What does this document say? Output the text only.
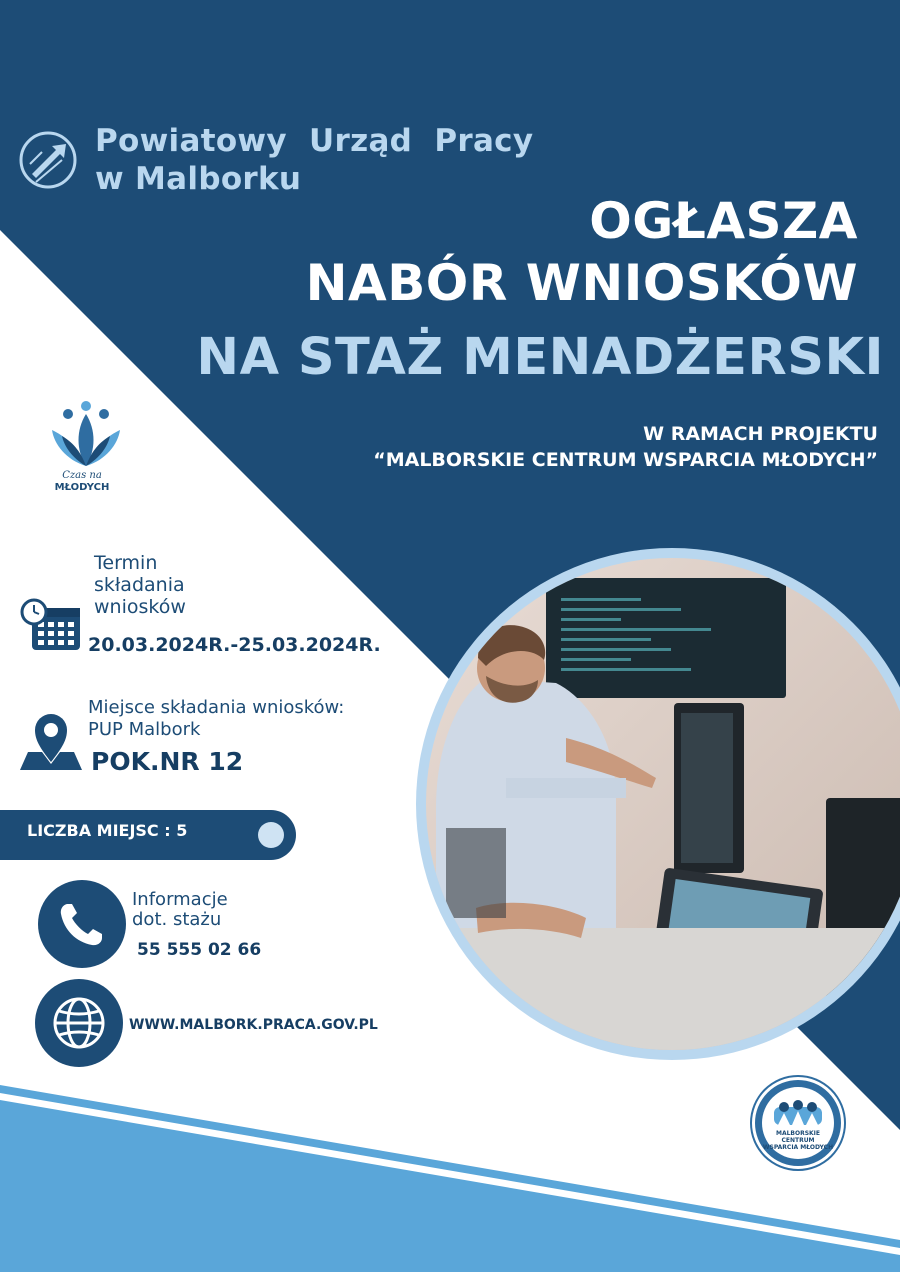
Powiatowy  Urząd  Pracy
w Malborku
OGŁASZA
NABÓR WNIOSKÓW
NA STAŻ MENADŻERSKI
W RAMACH PROJEKTU
“MALBORSKIE CENTRUM WSPARCIA MŁODYCH”
Czas na
MŁODYCH
Termin
składania
wniosków
20.03.2024R.-25.03.2024R.
Miejsce składania wniosków:
PUP Malbork
POK.NR 12
LICZBA MIEJSC : 5
Informacje
dot. stażu
55 555 02 66
WWW.MALBORK.PRACA.GOV.PL
MALBORSKIE CENTRUM
WSPARCIA MŁODYCH
